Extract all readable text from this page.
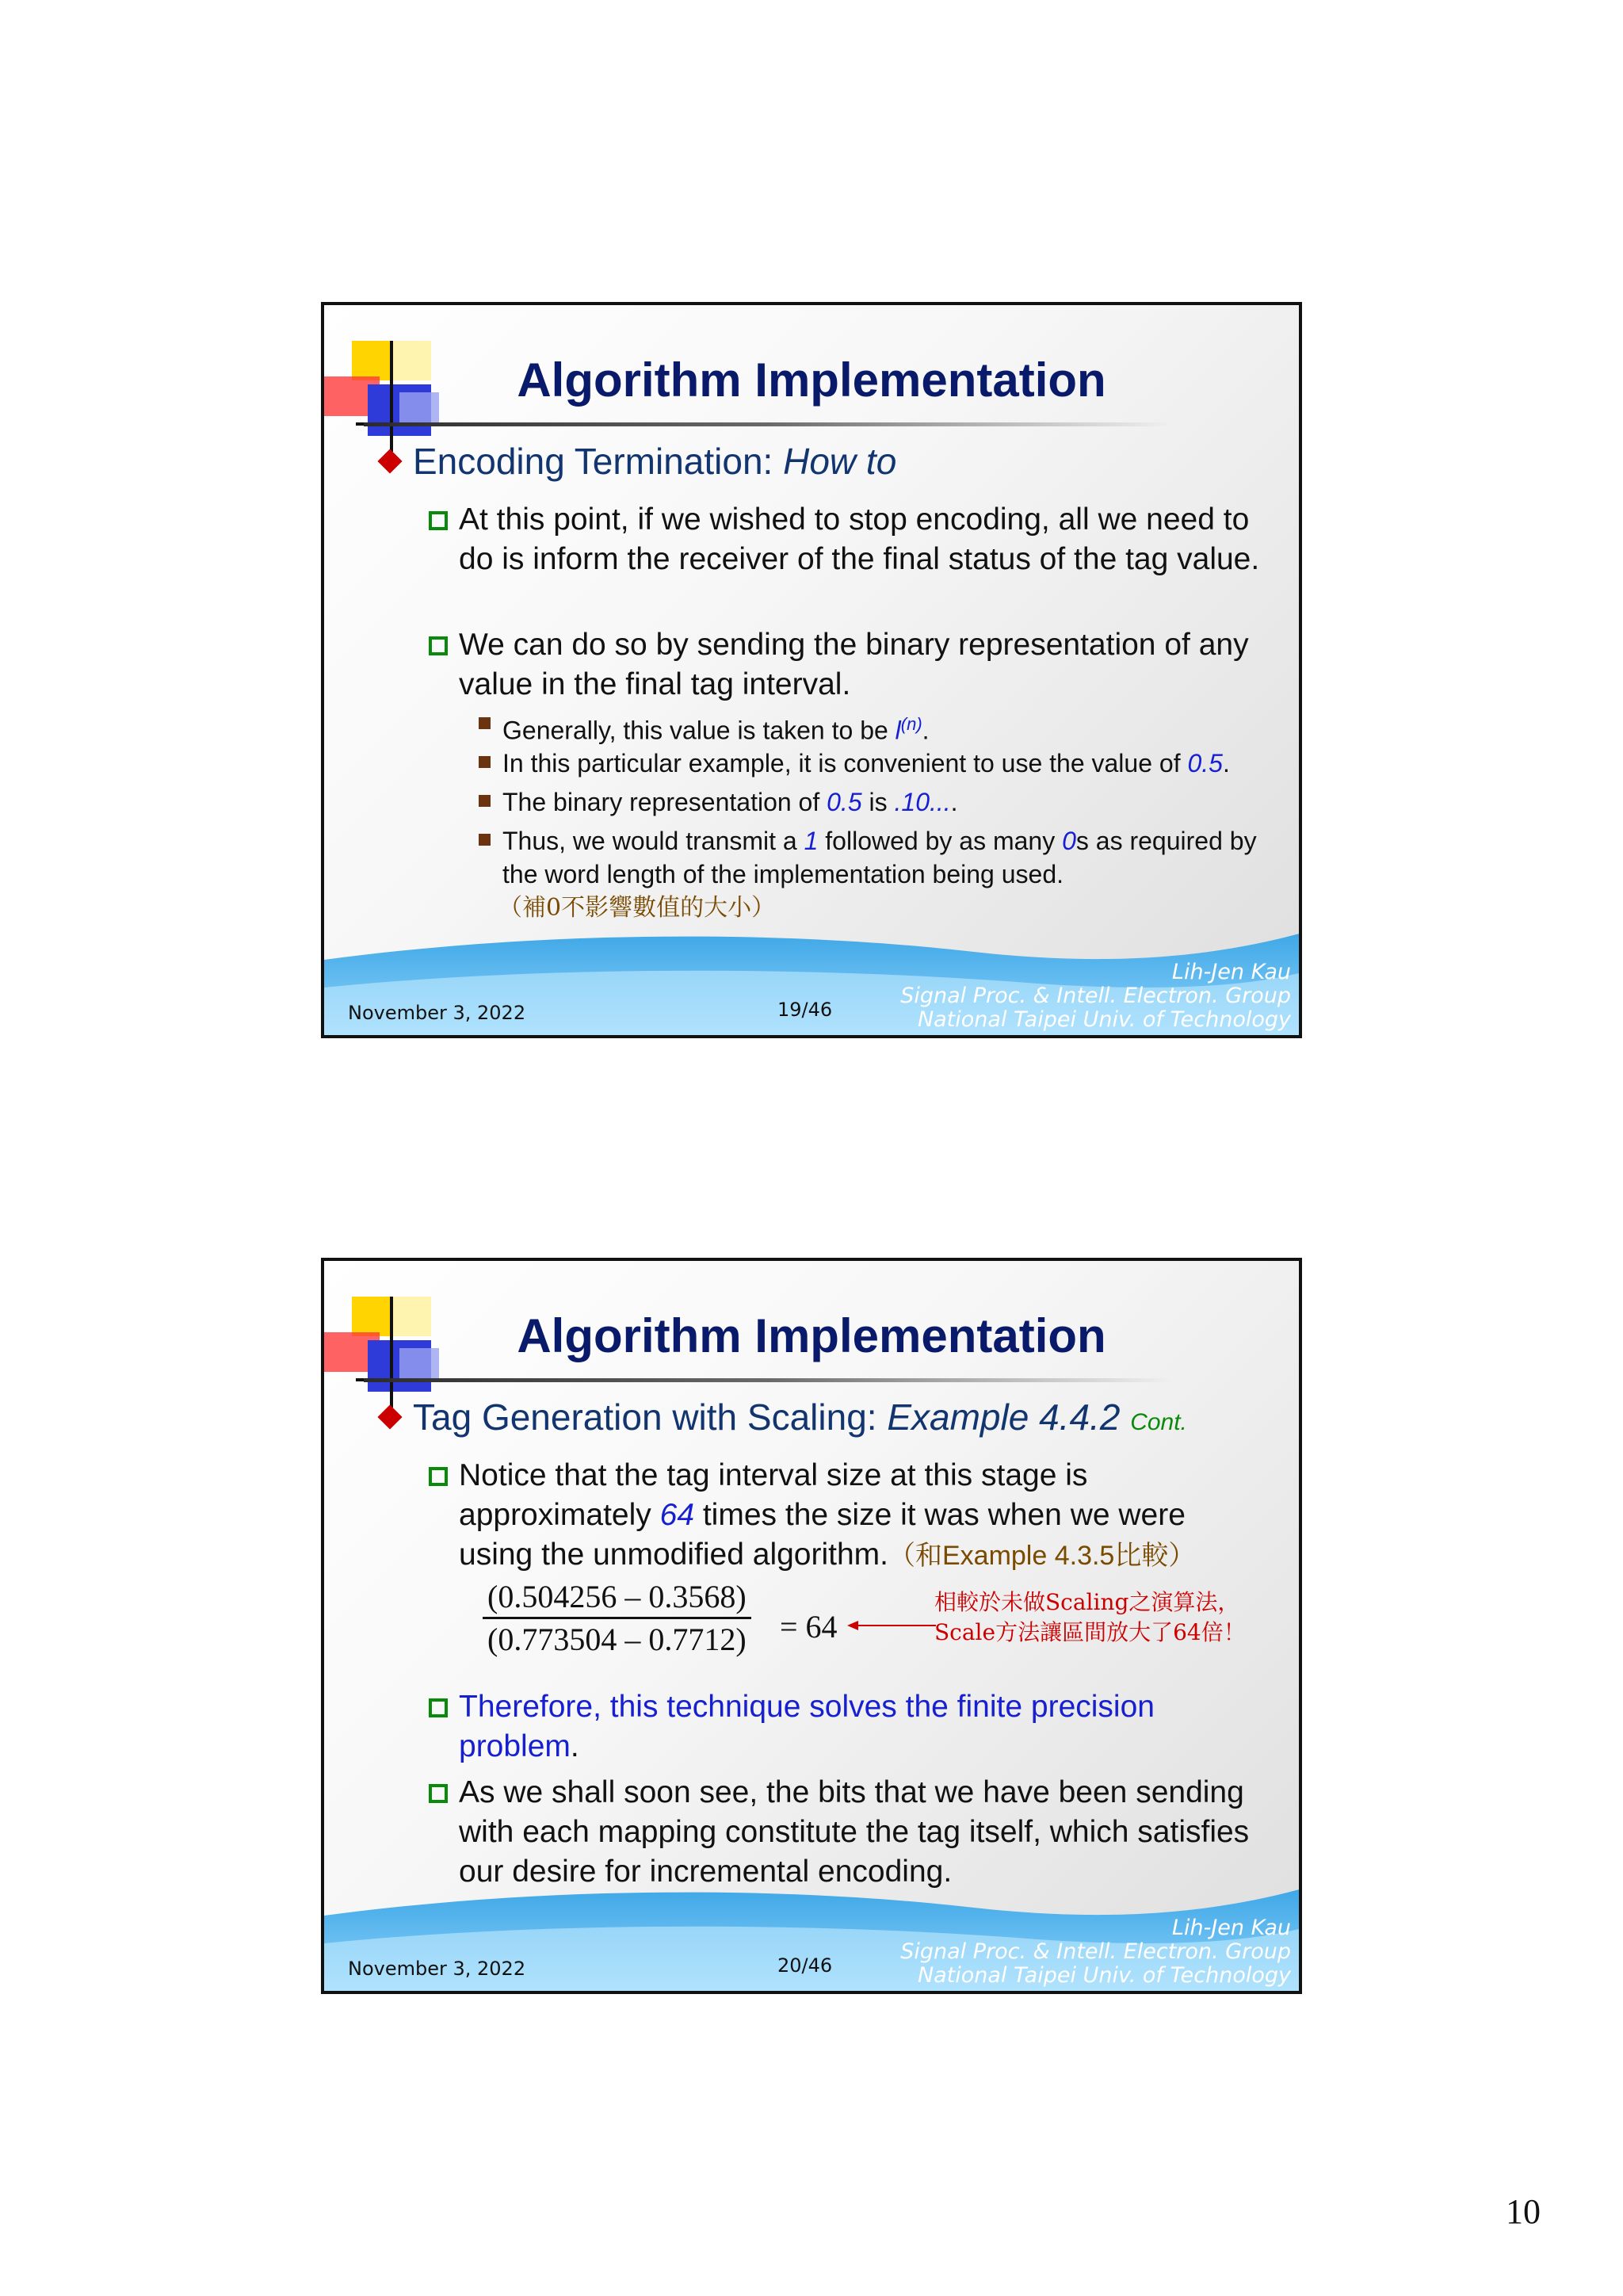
Algorithm Implementation
Encoding Termination: How to
At this point, if we wished to stop encoding, all we need to do is inform the receiver of the final status of the tag value.
We can do so by sending the binary representation of any value in the final tag interval.
Generally, this value is taken to be $l^{(n)}$.
In this particular example, it is convenient to use the value of 0.5.
The binary representation of 0.5 is .10....
Thus, we would transmit a 1 followed by as many 0s as required by the word length of the implementation being used.
（補0不影響數值的大小）
November 3, 2022	19/46
Lih-Jen Kau
Signal Proc. & Intell. Electron. Group
National Taipei Univ. of Technology
Algorithm Implementation
Tag Generation with Scaling: Example 4.4.2 Cont.
Notice that the tag interval size at this stage is approximately 64 times the size it was when we were using the unmodified algorithm.（和Example 4.3.5比較）
(0.504256 – 0.3568)
(0.773504 – 0.7712) = 64
相較於未做Scaling之演算法，
Scale方法讓區間放大了64倍！
Therefore, this technique solves the finite precision problem.
As we shall soon see, the bits that we have been sending with each mapping constitute the tag itself, which satisfies our desire for incremental encoding.
November 3, 2022	20/46
Lih-Jen Kau
Signal Proc. & Intell. Electron. Group
National Taipei Univ. of Technology
10
